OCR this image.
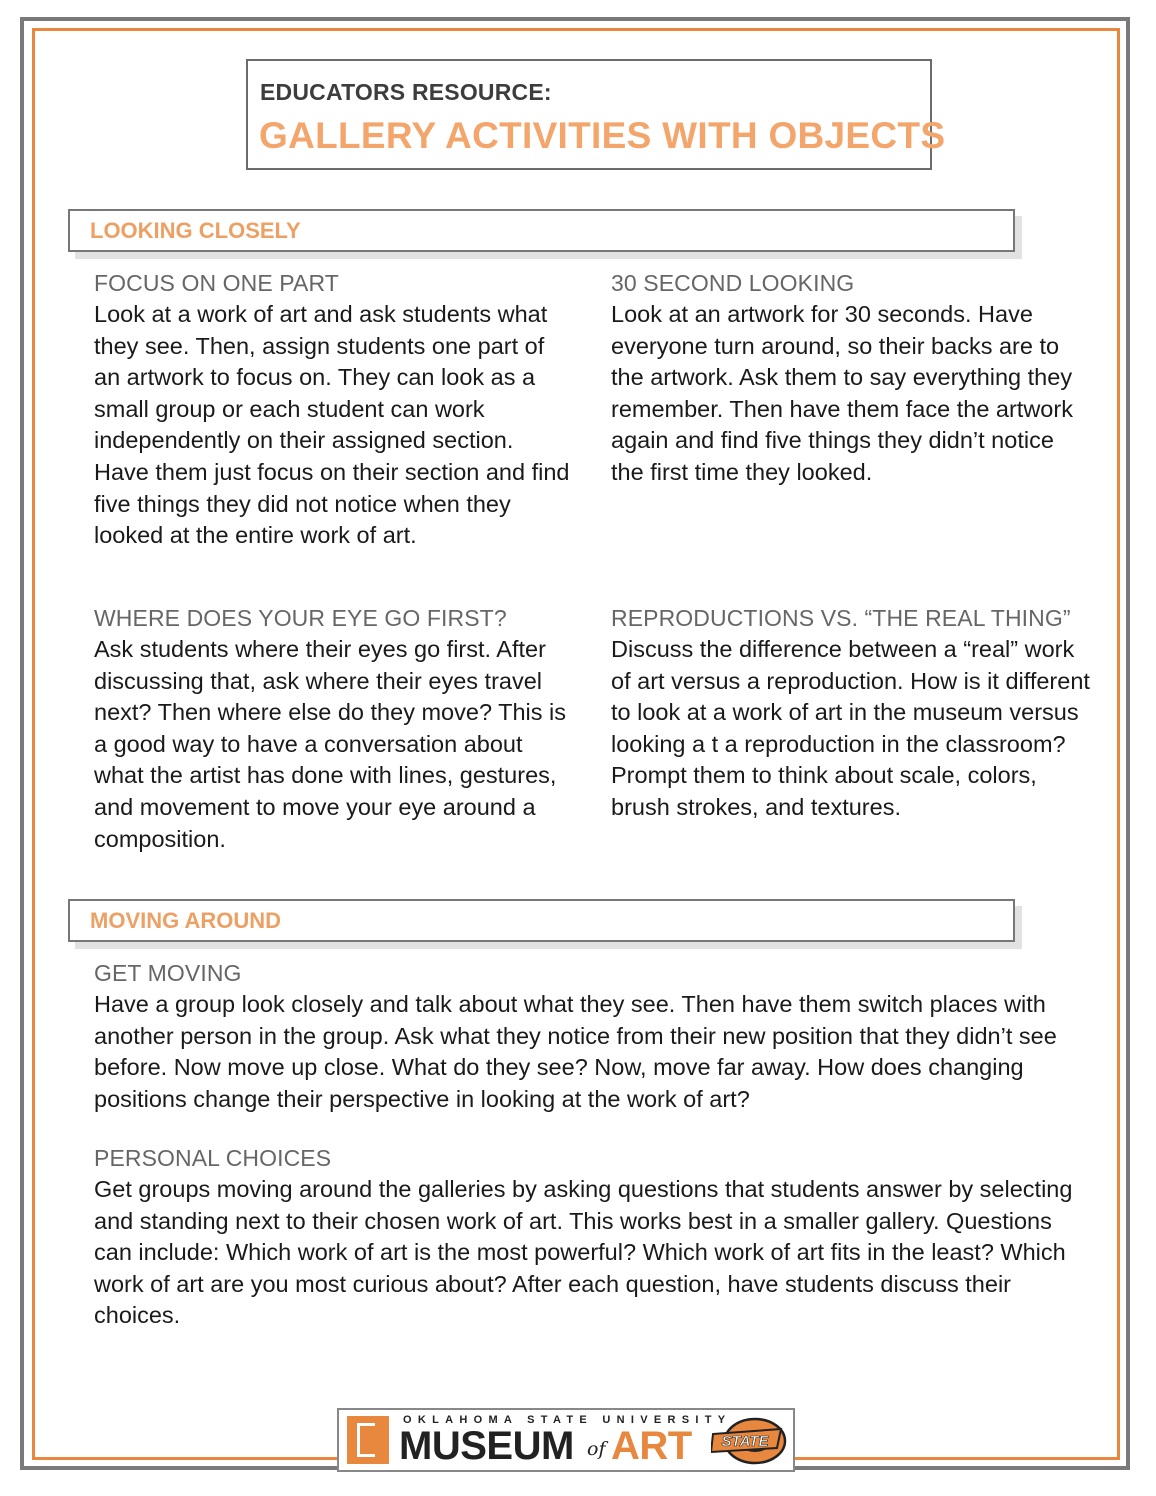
EDUCATORS RESOURCE:
GALLERY ACTIVITIES WITH OBJECTS
LOOKING CLOSELY
FOCUS ON ONE PART

Look at a work of art and ask students what they see. Then, assign students one part of an artwork to focus on. They can look as a small group or each student can work independently on their assigned section. Have them just focus on their section and find five things they did not notice when they looked at the entire work of art.

30 SECOND LOOKING

Look at an artwork for 30 seconds. Have everyone turn around, so their backs are to the artwork. Ask them to say everything they remember. Then have them face the artwork again and find five things they didn’t notice the first time they looked.

WHERE DOES YOUR EYE GO FIRST?

Ask students where their eyes go first. After discussing that, ask where their eyes travel next? Then where else do they move? This is a good way to have a conversation about what the artist has done with lines, gestures, and movement to move your eye around a composition.

REPRODUCTIONS VS. “THE REAL THING”

Discuss the difference between a “real” work of art versus a reproduction. How is it different to look at a work of art in the museum versus looking a t a reproduction in the classroom? Prompt them to think about scale, colors, brush strokes, and textures.

MOVING AROUND
GET MOVING

Have a group look closely and talk about what they see. Then have them switch places with another person in the group. Ask what they notice from their new position that they didn’t see before. Now move up close. What do they see? Now, move far away. How does changing positions change their perspective in looking at the work of art?

PERSONAL CHOICES

Get groups moving around the galleries by asking questions that students answer by selecting and standing next to their chosen work of art. This works best in a smaller gallery. Questions can include: Which work of art is the most powerful? Which work of art fits in the least? Which work of art are you most curious about? After each question, have students discuss their choices.

OKLAHOMA STATE UNIVERSITY
MUSEUM of ART STATE
